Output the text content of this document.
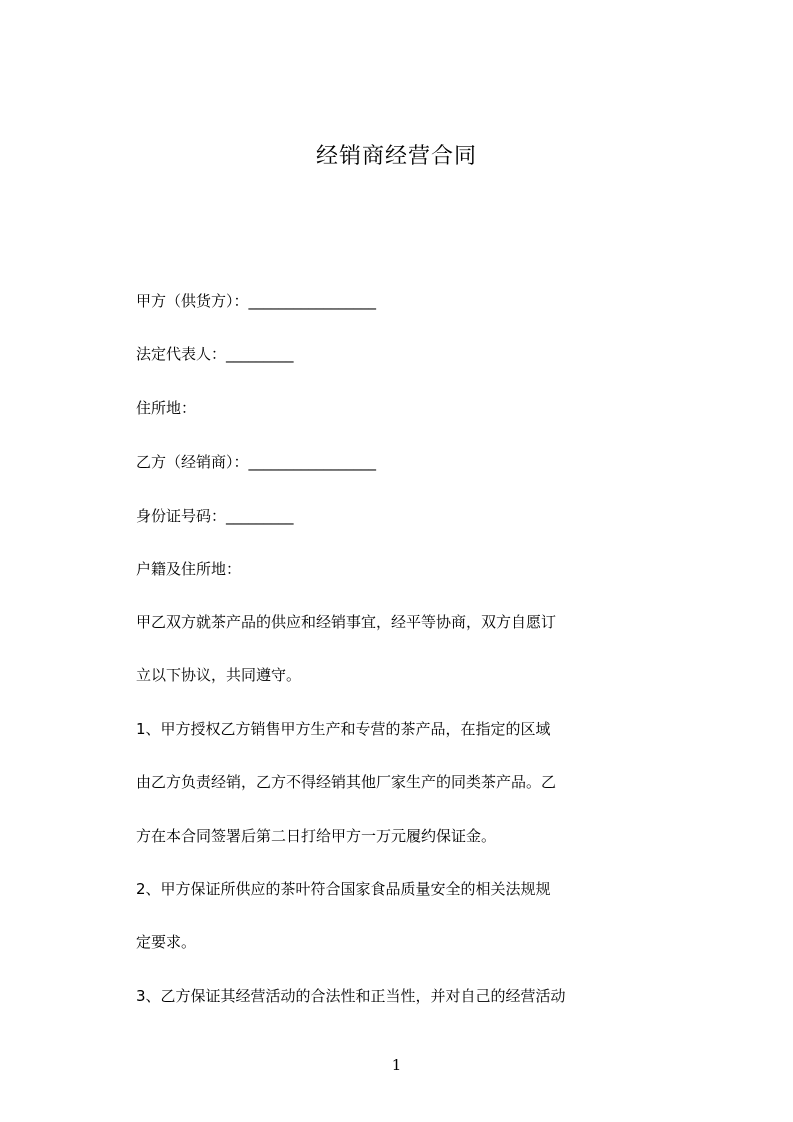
经销商经营合同
甲方（供货方）：_________________
法定代表人：_________
住所地：
乙方（经销商）：_________________
身份证号码：_________
户籍及住所地：
甲乙双方就茶产品的供应和经销事宜，经平等协商，双方自愿订
立以下协议，共同遵守。
1、甲方授权乙方销售甲方生产和专营的茶产品，在指定的区域
由乙方负责经销，乙方不得经销其他厂家生产的同类茶产品。乙
方在本合同签署后第二日打给甲方一万元履约保证金。
2、甲方保证所供应的茶叶符合国家食品质量安全的相关法规规
定要求。
3、乙方保证其经营活动的合法性和正当性，并对自己的经营活动
1
